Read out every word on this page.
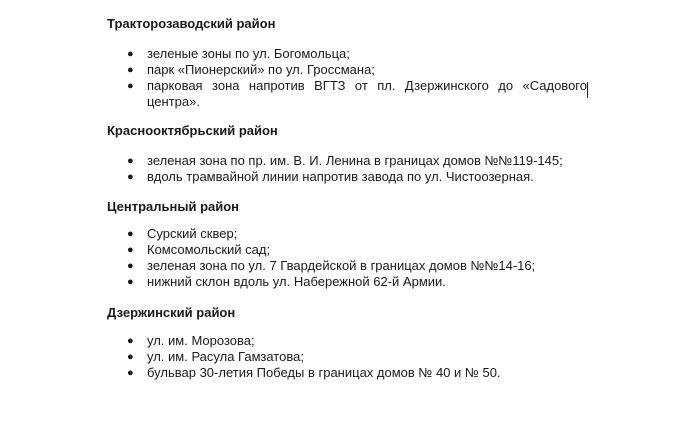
Тракторозаводский район
● зеленые зоны по ул. Богомольца;
● парк «Пионерский» по ул. Гроссмана;
● парковая зона напротив ВГТЗ от пл. Дзержинского до «Садового центра».
Краснооктябрьский район
● зеленая зона по пр. им. В. И. Ленина в границах домов №№119-145;
● вдоль трамвайной линии напротив завода по ул. Чистоозерная.
Центральный район
● Сурский сквер;
● Комсомольский сад;
● зеленая зона по ул. 7 Гвардейской в границах домов №№14-16;
● нижний склон вдоль ул. Набережной 62-й Армии.
Дзержинский район
● ул. им. Морозова;
● ул. им. Расула Гамзатова;
● бульвар 30-летия Победы в границах домов № 40 и № 50.
